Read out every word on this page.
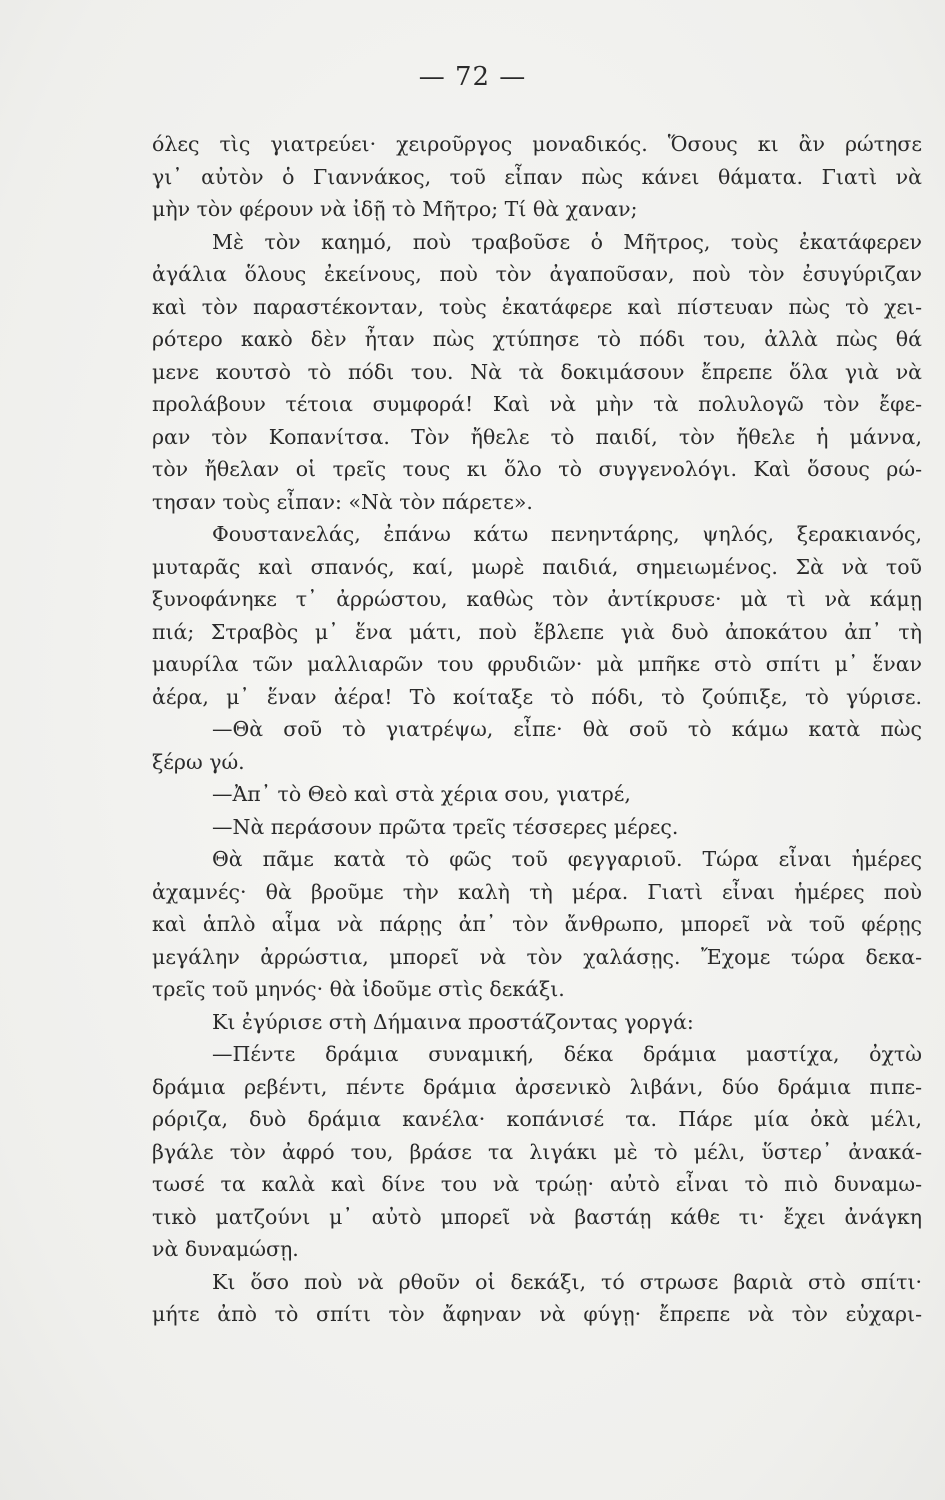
— 72 —
όλες τὶς γιατρεύει· χειροῦργος μοναδικός. Ὅσους κι ἂν ρώτησε
γι᾽ αὐτὸν ὁ Γιαννάκος, τοῦ εἶπαν πὼς κάνει θάματα. Γιατὶ νὰ
μὴν τὸν φέρουν νὰ ἰδῇ τὸ Μῆτρο; Τί θὰ χαναν;
Μὲ τὸν καημό, ποὺ τραβοῦσε ὁ Μῆτρος, τοὺς ἐκατάφερεν
ἀγάλια ὅλους ἐκείνους, ποὺ τὸν ἀγαποῦσαν, ποὺ τὸν ἐσυγύριζαν
καὶ τὸν παραστέκονταν, τοὺς ἐκατάφερε καὶ πίστευαν πὼς τὸ χει-
ρότερο κακὸ δὲν ἦταν πὼς χτύπησε τὸ πόδι του, ἀλλὰ πὼς θά
μενε κουτσὸ τὸ πόδι του. Νὰ τὰ δοκιμάσουν ἔπρεπε ὅλα γιὰ νὰ
προλάβουν τέτοια συμφορά! Καὶ νὰ μὴν τὰ πολυλογῶ τὸν ἔφε-
ραν τὸν Κοπανίτσα. Τὸν ἤθελε τὸ παιδί, τὸν ἤθελε ἡ μάννα,
τὸν ἤθελαν οἱ τρεῖς τους κι ὅλο τὸ συγγενολόγι. Καὶ ὅσους ρώ-
τησαν τοὺς εἶπαν: «Νὰ τὸν πάρετε».
Φουστανελάς, ἐπάνω κάτω πενηντάρης, ψηλός, ξερακιανός,
μυταρᾶς καὶ σπανός, καί, μωρὲ παιδιά, σημειωμένος. Σὰ νὰ τοῦ
ξυνοφάνηκε τ᾽ ἀρρώστου, καθὼς τὸν ἀντίκρυσε· μὰ τὶ νὰ κάμῃ
πιά; Στραβὸς μ᾽ ἕνα μάτι, ποὺ ἔβλεπε γιὰ δυὸ ἀποκάτου ἀπ᾽ τὴ
μαυρίλα τῶν μαλλιαρῶν του φρυδιῶν· μὰ μπῆκε στὸ σπίτι μ᾽ ἕναν
ἀέρα, μ᾽ ἕναν ἀέρα! Τὸ κοίταξε τὸ πόδι, τὸ ζούπιξε, τὸ γύρισε.
—Θὰ σοῦ τὸ γιατρέψω, εἶπε· θὰ σοῦ τὸ κάμω κατὰ πὼς
ξέρω γώ.
—Ἀπ᾽ τὸ Θεὸ καὶ στὰ χέρια σου, γιατρέ,
—Νὰ περάσουν πρῶτα τρεῖς τέσσερες μέρες.
Θὰ πᾶμε κατὰ τὸ φῶς τοῦ φεγγαριοῦ. Τώρα εἶναι ἡμέρες
ἀχαμνές· θὰ βροῦμε τὴν καλὴ τὴ μέρα. Γιατὶ εἶναι ἡμέρες ποὺ
καὶ ἁπλὸ αἷμα νὰ πάρῃς ἀπ᾽ τὸν ἄνθρωπο, μπορεῖ νὰ τοῦ φέρῃς
μεγάλην ἀρρώστια, μπορεῖ νὰ τὸν χαλάσῃς. Ἔχομε τώρα δεκα-
τρεῖς τοῦ μηνός· θὰ ἰδοῦμε στὶς δεκάξι.
Κι ἐγύρισε στὴ Δήμαινα προστάζοντας γοργά:
—Πέντε δράμια συναμική, δέκα δράμια μαστίχα, ὀχτὼ
δράμια ρεβέντι, πέντε δράμια ἀρσενικὸ λιβάνι, δύο δράμια πιπε-
ρόριζα, δυὸ δράμια κανέλα· κοπάνισέ τα. Πάρε μία ὀκὰ μέλι,
βγάλε τὸν ἀφρό του, βράσε τα λιγάκι μὲ τὸ μέλι, ὕστερ᾽ ἀνακά-
τωσέ τα καλὰ καὶ δίνε του νὰ τρώῃ· αὐτὸ εἶναι τὸ πιὸ δυναμω-
τικὸ ματζούνι μ᾽ αὐτὸ μπορεῖ νὰ βαστάῃ κάθε τι· ἔχει ἀνάγκη
νὰ δυναμώσῃ.
Κι ὅσο ποὺ νὰ ρθοῦν οἱ δεκάξι, τό στρωσε βαριὰ στὸ σπίτι·
μήτε ἀπὸ τὸ σπίτι τὸν ἄφηναν νὰ φύγῃ· ἔπρεπε νὰ τὸν εὐχαρι-
